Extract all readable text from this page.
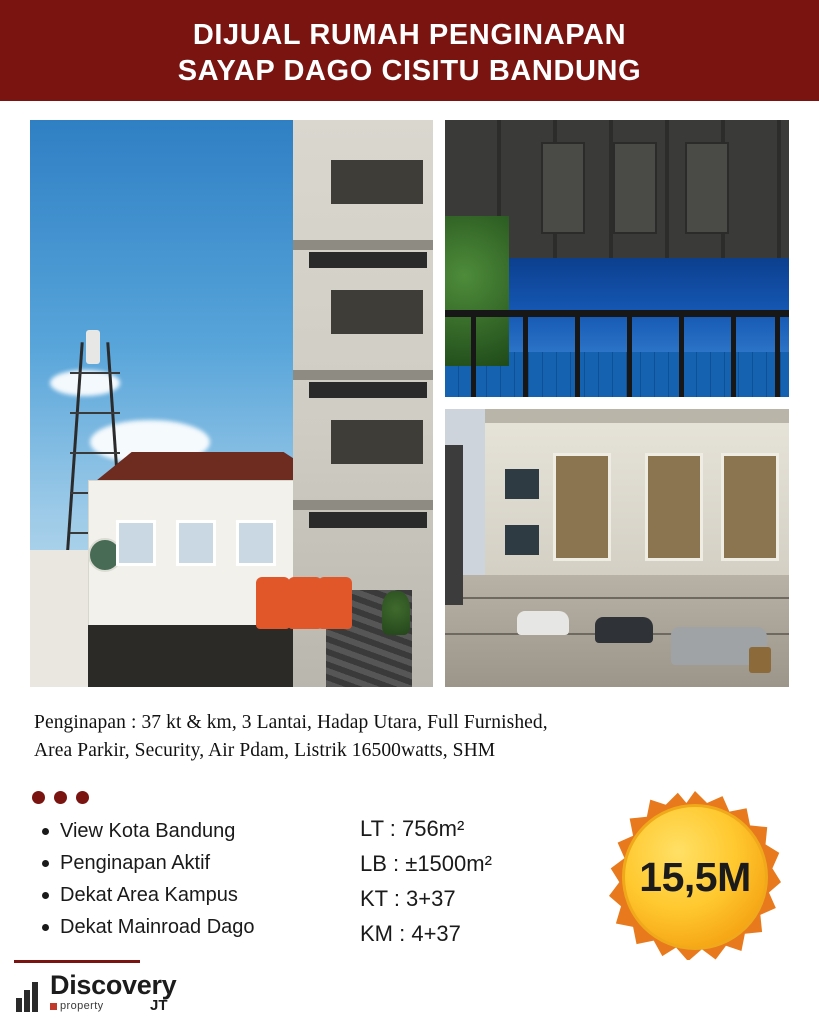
DIJUAL RUMAH PENGINAPAN
SAYAP DAGO CISITU BANDUNG
Penginapan : 37 kt & km, 3 Lantai, Hadap Utara, Full Furnished,
Area Parkir, Security, Air Pdam, Listrik 16500watts, SHM
View Kota Bandung
Penginapan Aktif
Dekat Area Kampus
Dekat Mainroad Dago
LT : 756m²
LB : ±1500m²
KT : 3+37
KM : 4+37
15,5M
Discovery
property	JT
